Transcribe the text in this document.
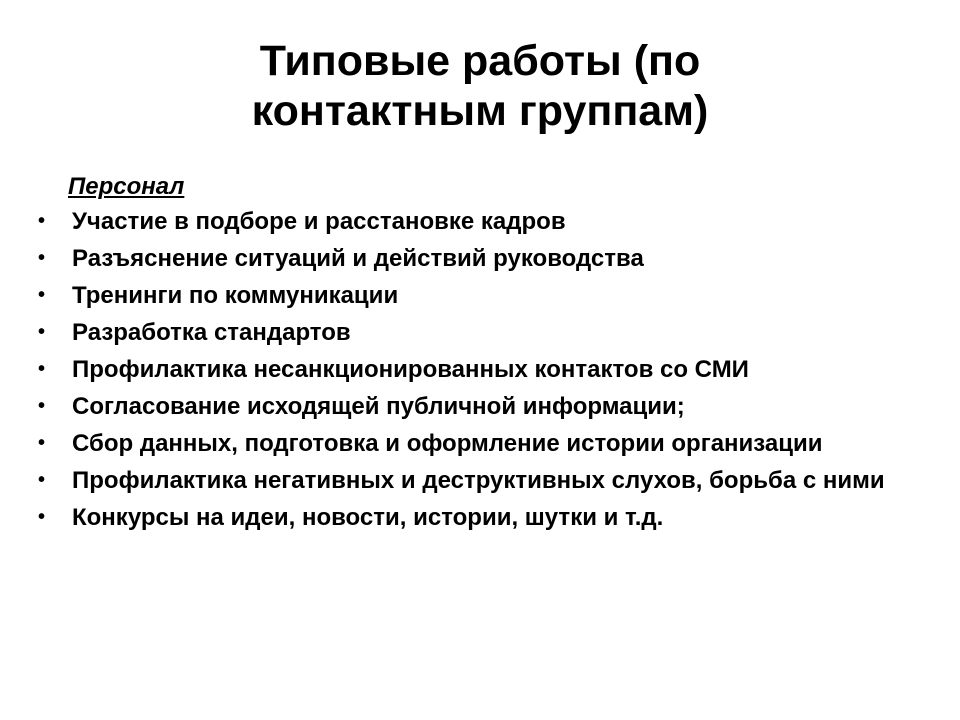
Типовые работы (по
контактным группам)
Персонал
• Участие в подборе и расстановке кадров
• Разъяснение ситуаций и действий руководства
• Тренинги по коммуникации
• Разработка стандартов
• Профилактика несанкционированных контактов со СМИ
• Согласование исходящей публичной информации;
• Сбор данных, подготовка и оформление истории организации
• Профилактика негативных и деструктивных слухов, борьба с ними
• Конкурсы на идеи, новости, истории, шутки и т.д.
